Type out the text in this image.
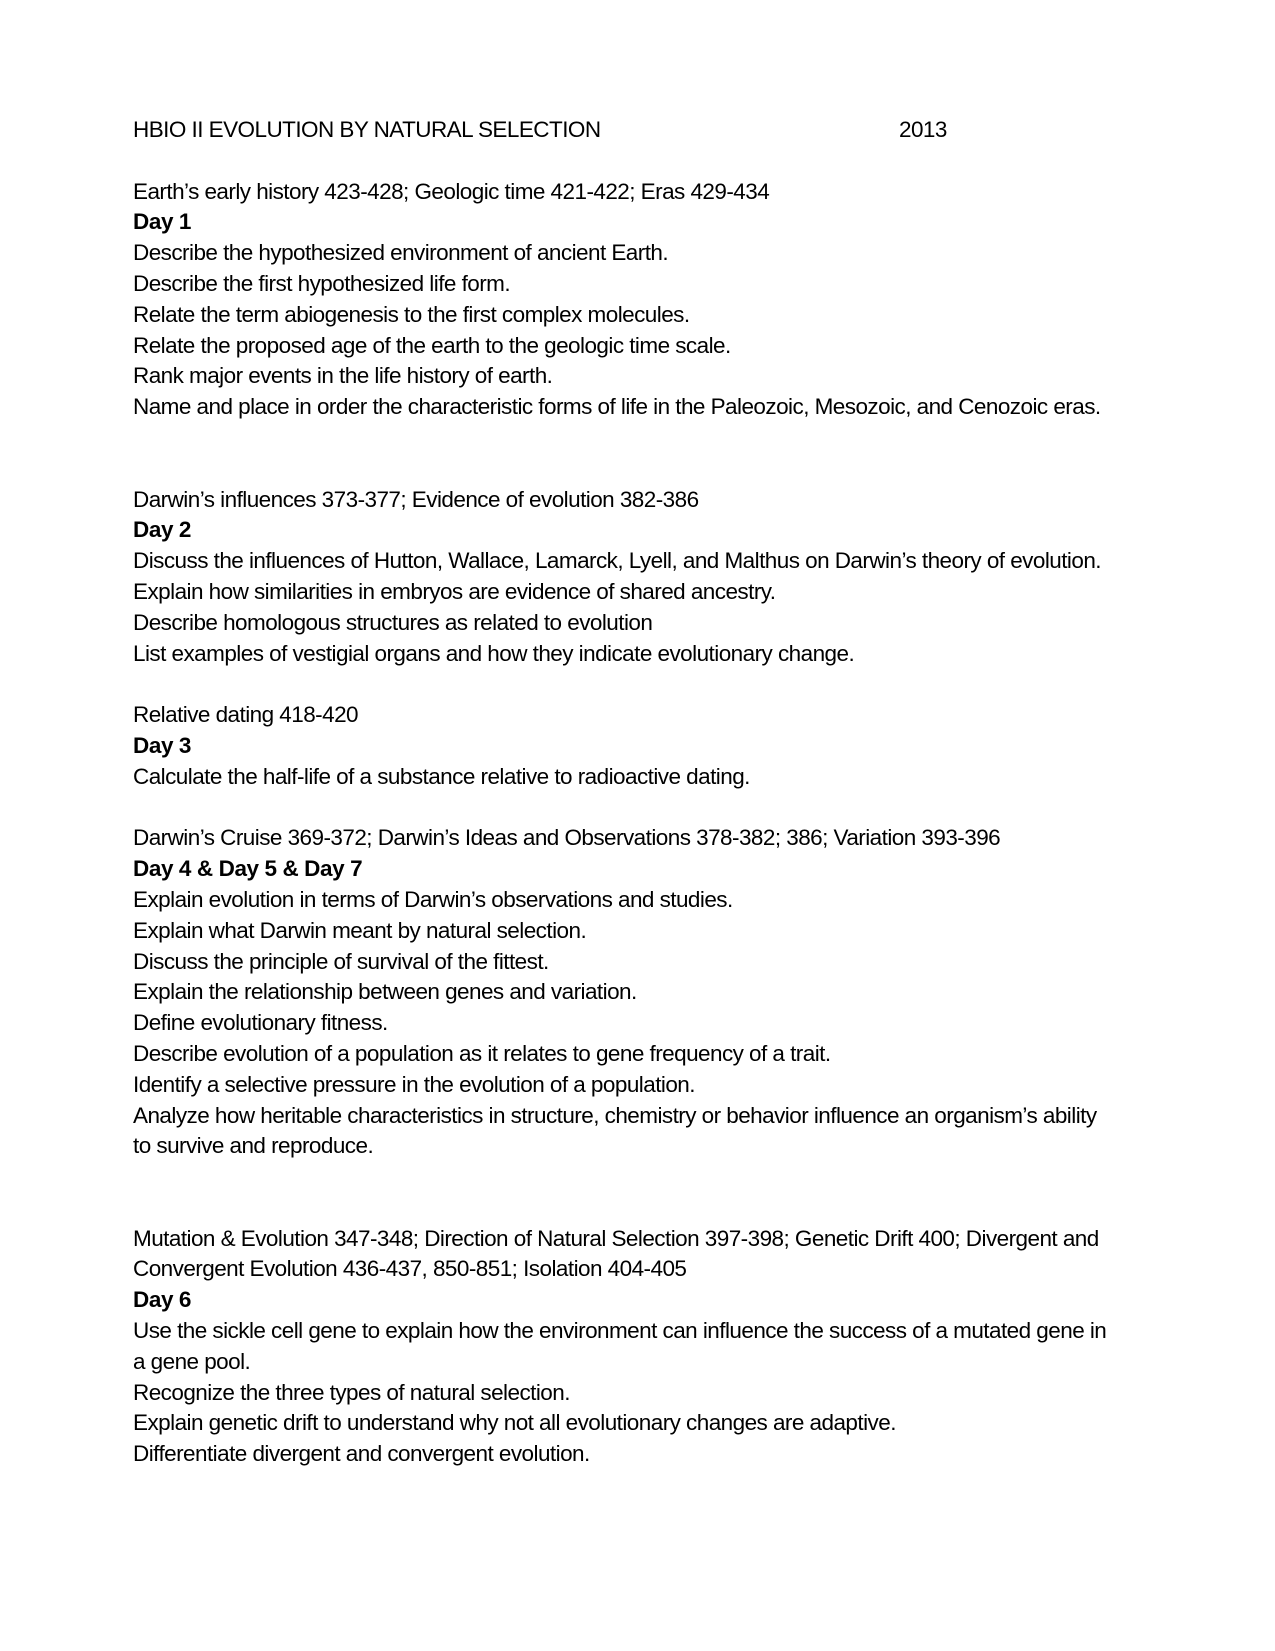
HBIO II EVOLUTION BY NATURAL SELECTION	2013
Earth’s early history 423-428; Geologic time 421-422; Eras 429-434
Day 1
Describe the hypothesized environment of ancient Earth.
Describe the first hypothesized life form.
Relate the term abiogenesis to the first complex molecules.
Relate the proposed age of the earth to the geologic time scale.
Rank major events in the life history of earth.
Name and place in order the characteristic forms of life in the Paleozoic, Mesozoic, and Cenozoic eras.
Darwin’s influences 373-377; Evidence of evolution 382-386
Day 2
Discuss the influences of Hutton, Wallace, Lamarck, Lyell, and Malthus on Darwin’s theory of evolution.
Explain how similarities in embryos are evidence of shared ancestry.
Describe homologous structures as related to evolution
List examples of vestigial organs and how they indicate evolutionary change.
Relative dating 418-420
Day 3
Calculate the half-life of a substance relative to radioactive dating.
Darwin’s Cruise 369-372; Darwin’s Ideas and Observations 378-382; 386; Variation 393-396
Day 4 & Day 5 & Day 7
Explain evolution in terms of Darwin’s observations and studies.
Explain what Darwin meant by natural selection.
Discuss the principle of survival of the fittest.
Explain the relationship between genes and variation.
Define evolutionary fitness.
Describe evolution of a population as it relates to gene frequency of a trait.
Identify a selective pressure in the evolution of a population.
Analyze how heritable characteristics in structure, chemistry or behavior influence an organism’s ability
to survive and reproduce.
Mutation & Evolution 347-348; Direction of Natural Selection 397-398; Genetic Drift 400; Divergent and
Convergent Evolution 436-437, 850-851; Isolation 404-405
Day 6
Use the sickle cell gene to explain how the environment can influence the success of a mutated gene in
a gene pool.
Recognize the three types of natural selection.
Explain genetic drift to understand why not all evolutionary changes are adaptive.
Differentiate divergent and convergent evolution.
